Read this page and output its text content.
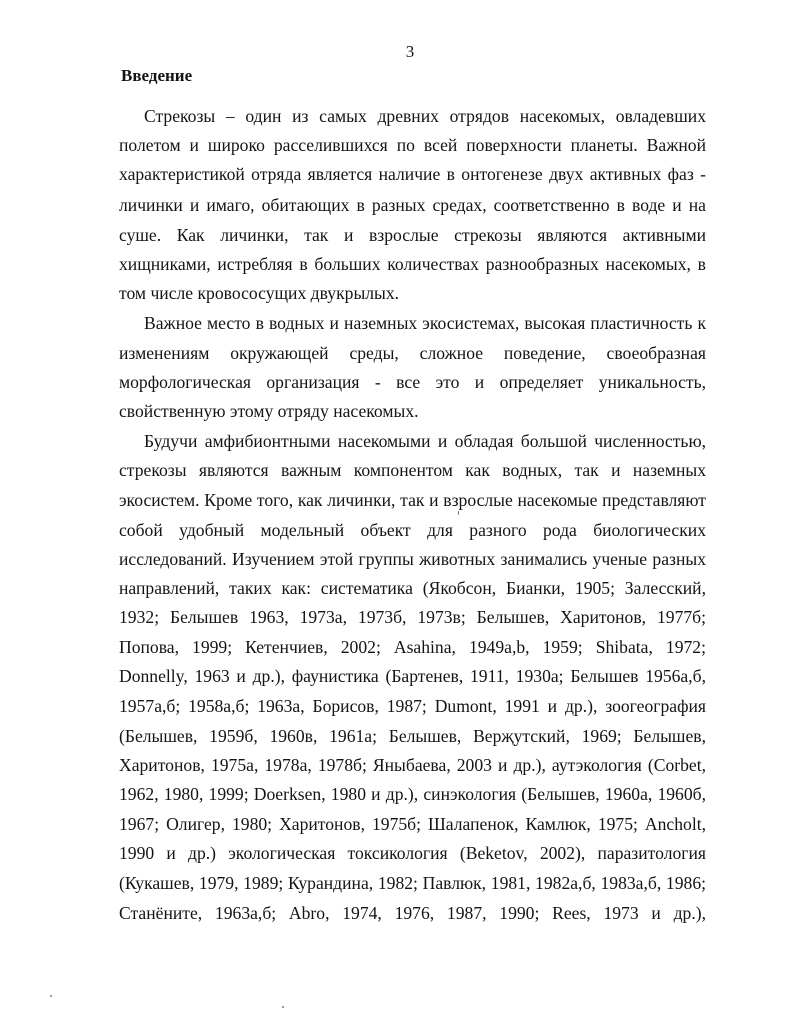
3
Введение
Стрекозы – один из самых древних отрядов насекомых, овладевших
полетом и широко расселившихся по всей поверхности планеты. Важной
характеристикой отряда является наличие в онтогенезе двух активных фаз -
личинки и имаго, обитающих в разных средах, соответственно в воде и на
суше. Как личинки, так и взрослые стрекозы являются активными
хищниками, истребляя в больших количествах разнообразных насекомых, в
том числе кровососущих двукрылых.
Важное место в водных и наземных экосистемах, высокая пластичность к
изменениям окружающей среды, сложное поведение, своеобразная
морфологическая организация - все это и определяет уникальность,
свойственную этому отряду насекомых.
Будучи амфибионтными насекомыми и обладая большой численностью,
стрекозы являются важным компонентом как водных, так и наземных
экосистем. Кроме того, как личинки, так и взрослые насекомые представляют
собой удобный модельный объект для разного рода биологических
исследований. Изучением этой группы животных занимались ученые разных
направлений, таких как: систематика (Якобсон, Бианки, 1905; Залесский,
1932; Белышев 1963, 1973а, 1973б, 1973в; Белышев, Харитонов, 1977б;
Попова, 1999; Кетенчиев, 2002; Asahina, 1949a,b, 1959; Shibata, 1972;
Donnelly, 1963 и др.), фаунистика (Бартенев, 1911, 1930а; Белышев 1956а,б,
1957а,б; 1958а,б; 1963а, Борисов, 1987; Dumont, 1991 и др.), зоогеография
(Белышев, 1959б, 1960в, 1961а; Белышев, Верҗутский, 1969; Белышев,
Харитонов, 1975а, 1978а, 1978б; Яныбаева, 2003 и др.), аутэкология (Corbet,
1962, 1980, 1999; Doerksen, 1980 и др.), синэкология (Белышев, 1960а, 1960б,
1967; Олигер, 1980; Харитонов, 1975б; Шалапенок, Камлюк, 1975; Ancholt,
1990 и др.) экологическая токсикология (Beketov, 2002), паразитология
(Кукашев, 1979, 1989; Курандина, 1982; Павлюк, 1981, 1982а,б, 1983а,б, 1986;
Станёните, 1963а,б; Abro, 1974, 1976, 1987, 1990; Rees, 1973 и др.),
